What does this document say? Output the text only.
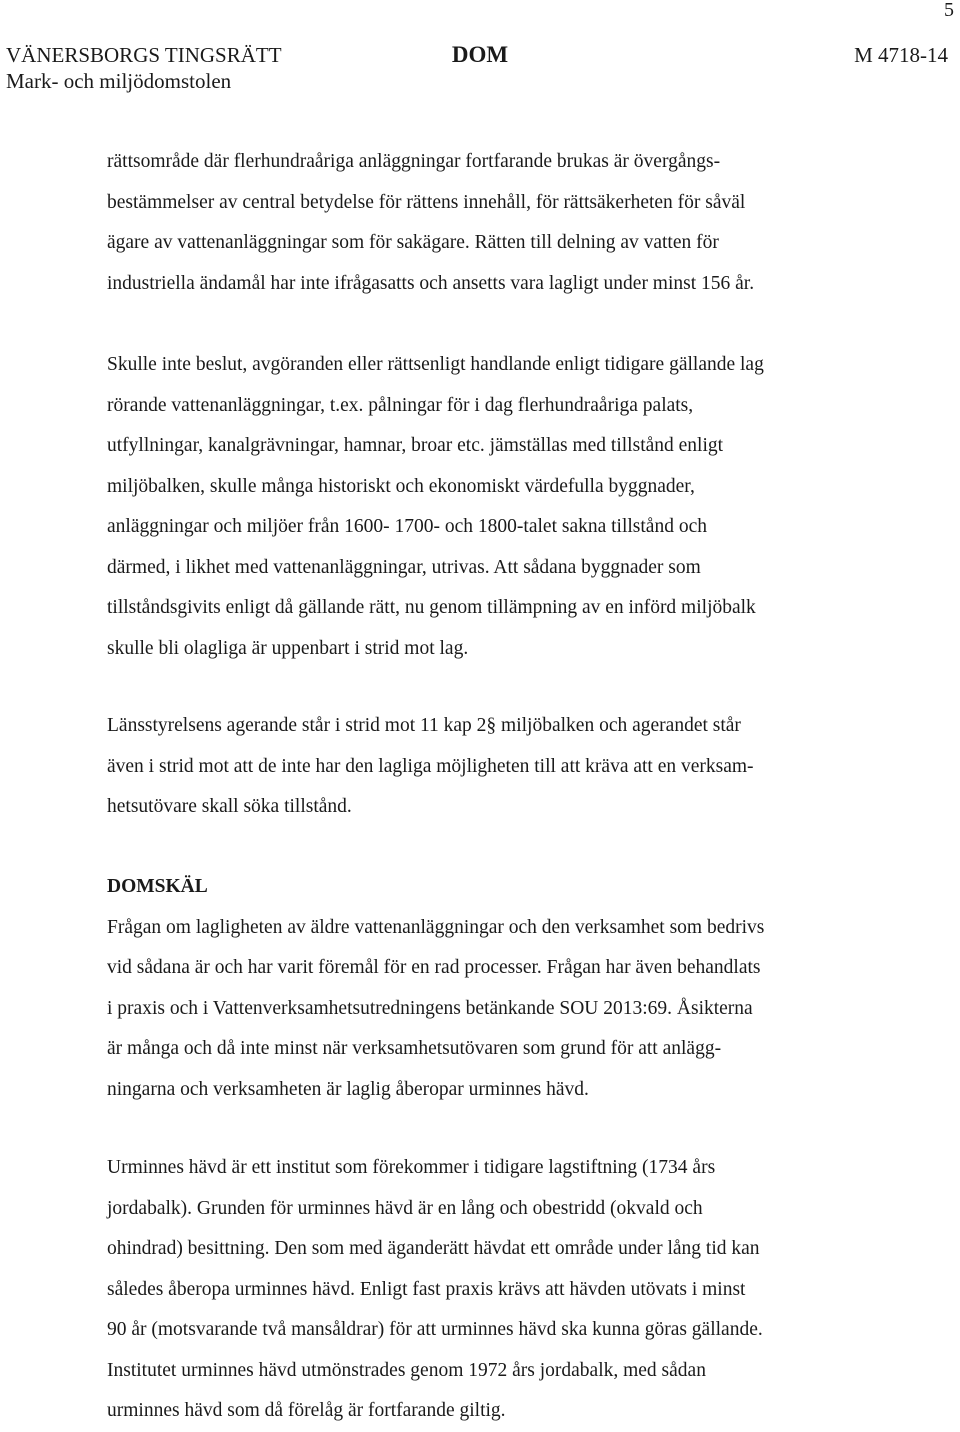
5
VÄNERSBORGS TINGSRÄTT
Mark- och miljödomstolen
DOM	M 4718-14
rättsområde där flerhundraåriga anläggningar fortfarande brukas är övergångs-
bestämmelser av central betydelse för rättens innehåll, för rättsäkerheten för såväl
ägare av vattenanläggningar som för sakägare. Rätten till delning av vatten för
industriella ändamål har inte ifrågasatts och ansetts vara lagligt under minst 156 år.
Skulle inte beslut, avgöranden eller rättsenligt handlande enligt tidigare gällande lag
rörande vattenanläggningar, t.ex. pålningar för i dag flerhundraåriga palats,
utfyllningar, kanalgrävningar, hamnar, broar etc. jämställas med tillstånd enligt
miljöbalken, skulle många historiskt och ekonomiskt värdefulla byggnader,
anläggningar och miljöer från 1600- 1700- och 1800-talet sakna tillstånd och
därmed, i likhet med vattenanläggningar, utrivas. Att sådana byggnader som
tillståndsgivits enligt då gällande rätt, nu genom tillämpning av en införd miljöbalk
skulle bli olagliga är uppenbart i strid mot lag.
Länsstyrelsens agerande står i strid mot 11 kap 2§ miljöbalken och agerandet står
även i strid mot att de inte har den lagliga möjligheten till att kräva att en verksam-
hetsutövare skall söka tillstånd.
DOMSKÄL
Frågan om lagligheten av äldre vattenanläggningar och den verksamhet som bedrivs
vid sådana är och har varit föremål för en rad processer. Frågan har även behandlats
i praxis och i Vattenverksamhetsutredningens betänkande SOU 2013:69. Åsikterna
är många och då inte minst när verksamhetsutövaren som grund för att anlägg-
ningarna och verksamheten är laglig åberopar urminnes hävd.
Urminnes hävd är ett institut som förekommer i tidigare lagstiftning (1734 års
jordabalk). Grunden för urminnes hävd är en lång och obestridd (okvald och
ohindrad) besittning. Den som med äganderätt hävdat ett område under lång tid kan
således åberopa urminnes hävd. Enligt fast praxis krävs att hävden utövats i minst
90 år (motsvarande två mansåldrar) för att urminnes hävd ska kunna göras gällande.
Institutet urminnes hävd utmönstrades genom 1972 års jordabalk, med sådan
urminnes hävd som då förelåg är fortfarande giltig.
